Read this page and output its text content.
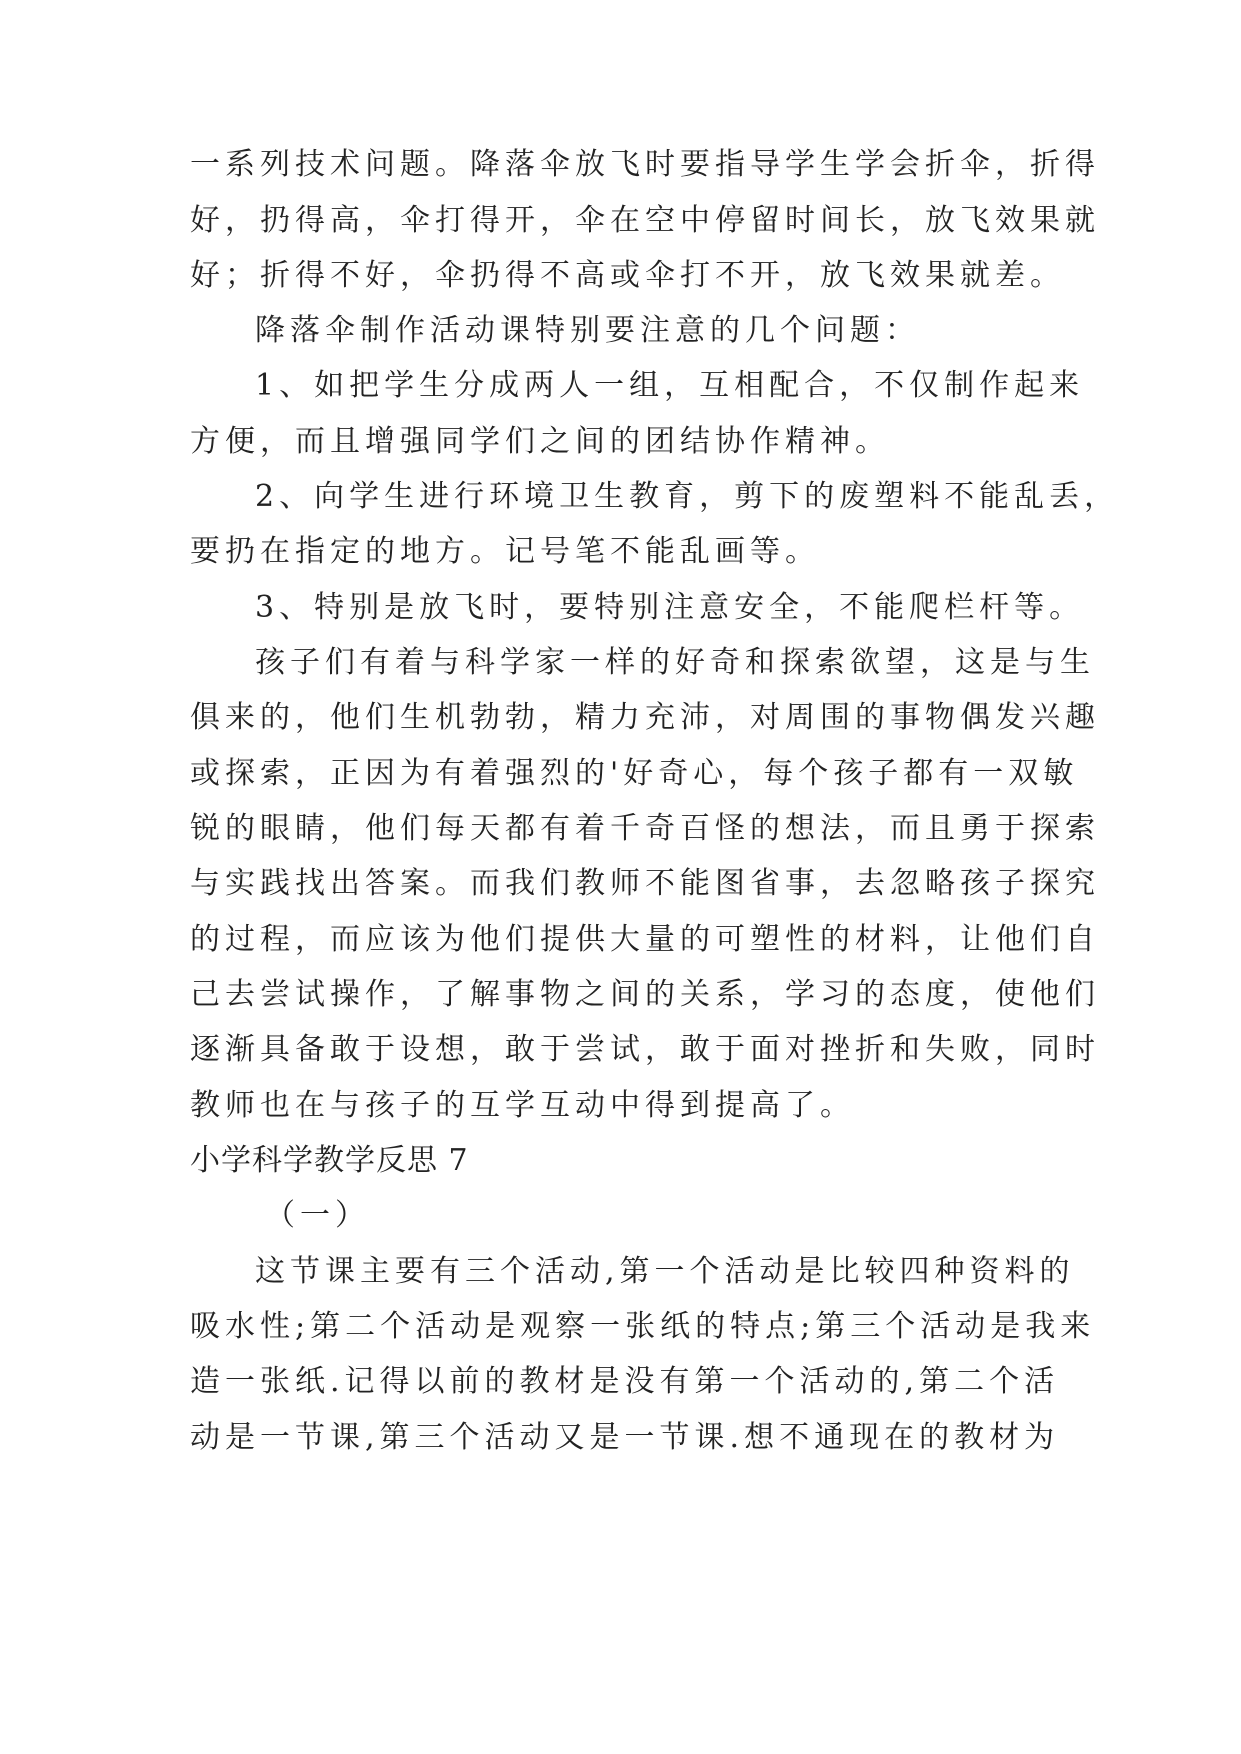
一系列技术问题。降落伞放飞时要指导学生学会折伞，折得
好，扔得高，伞打得开，伞在空中停留时间长，放飞效果就
好；折得不好，伞扔得不高或伞打不开，放飞效果就差。
降落伞制作活动课特别要注意的几个问题：
1、如把学生分成两人一组，互相配合，不仅制作起来
方便，而且增强同学们之间的团结协作精神。
2、向学生进行环境卫生教育，剪下的废塑料不能乱丢，
要扔在指定的地方。记号笔不能乱画等。
3、特别是放飞时，要特别注意安全，不能爬栏杆等。
孩子们有着与科学家一样的好奇和探索欲望，这是与生
俱来的，他们生机勃勃，精力充沛，对周围的事物偶发兴趣
或探索，正因为有着强烈的'好奇心，每个孩子都有一双敏
锐的眼睛，他们每天都有着千奇百怪的想法，而且勇于探索
与实践找出答案。而我们教师不能图省事，去忽略孩子探究
的过程，而应该为他们提供大量的可塑性的材料，让他们自
己去尝试操作，了解事物之间的关系，学习的态度，使他们
逐渐具备敢于设想，敢于尝试，敢于面对挫折和失败，同时
教师也在与孩子的互学互动中得到提高了。
小学科学教学反思 7
（一）
这节课主要有三个活动,第一个活动是比较四种资料的
吸水性;第二个活动是观察一张纸的特点;第三个活动是我来
造一张纸.记得以前的教材是没有第一个活动的,第二个活
动是一节课,第三个活动又是一节课.想不通现在的教材为
